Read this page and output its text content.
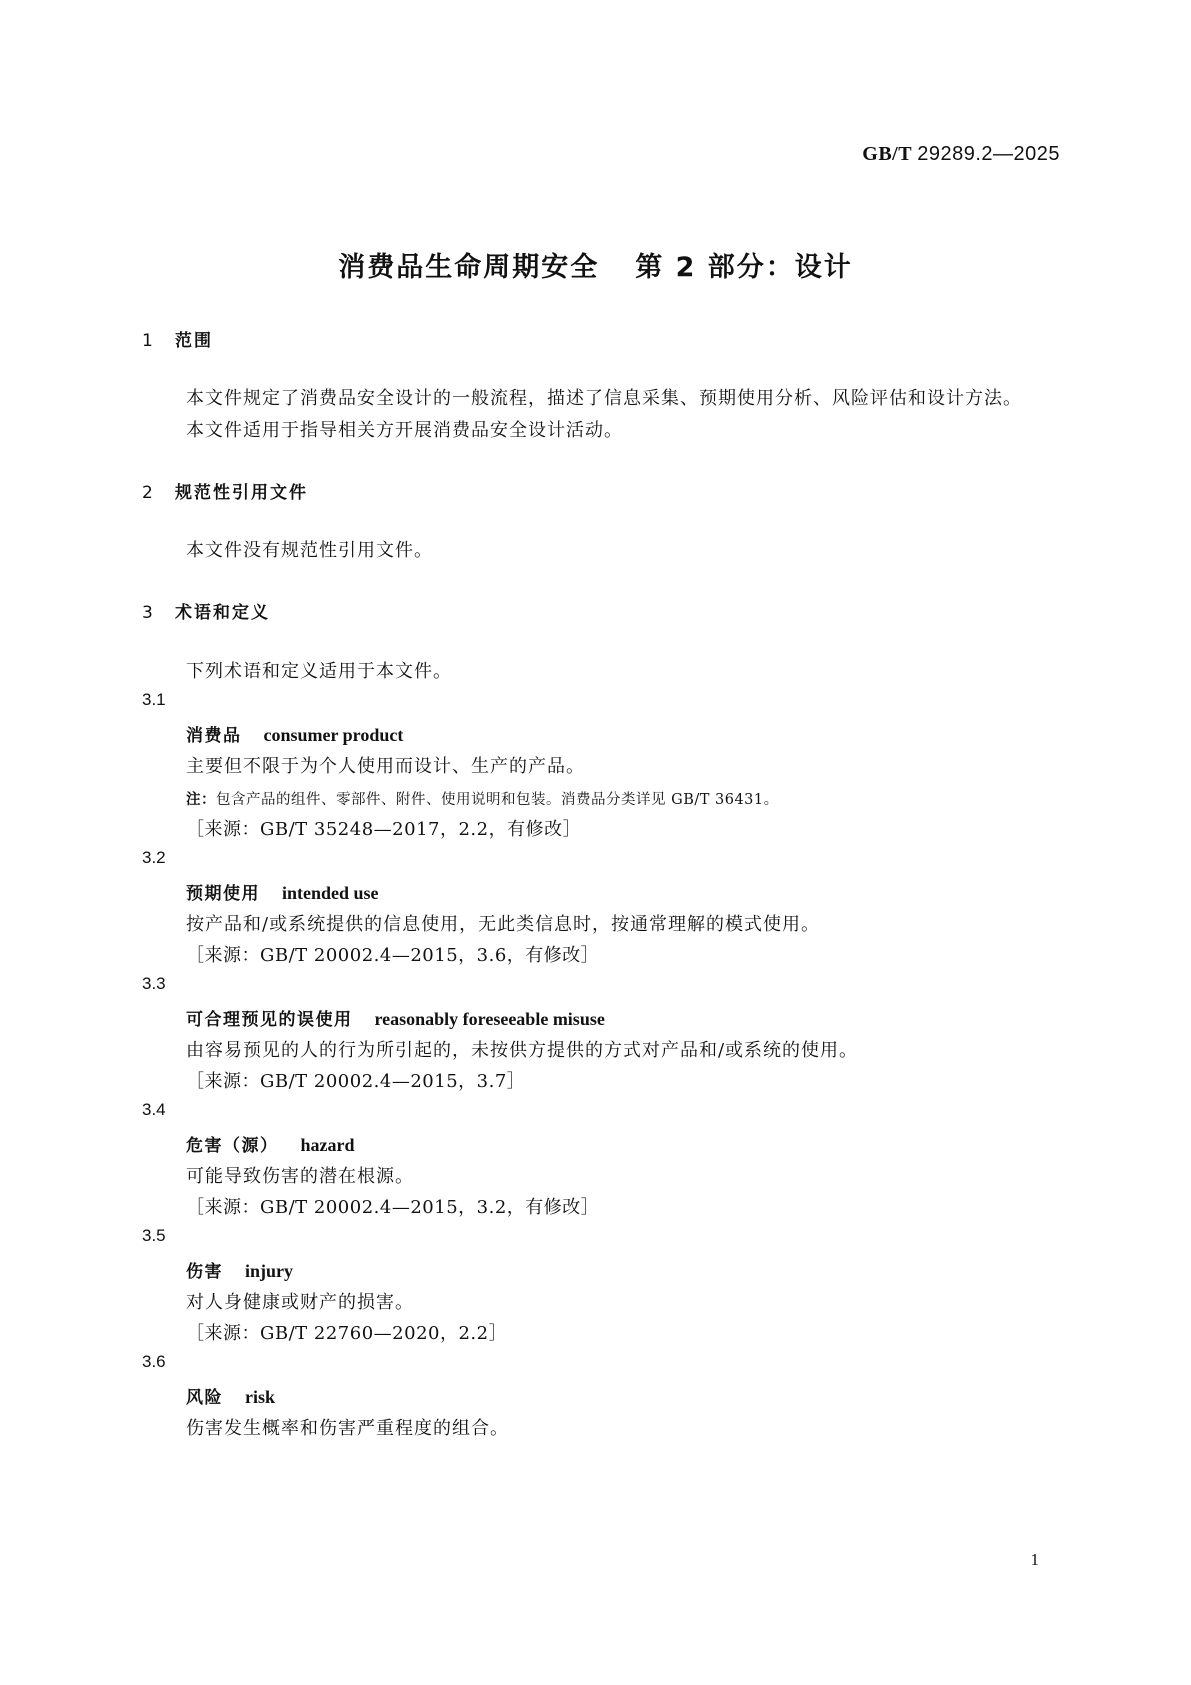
GB/T 29289.2—2025
消费品生命周期安全 第 2 部分：设计
1 范围
本文件规定了消费品安全设计的一般流程，描述了信息采集、预期使用分析、风险评估和设计方法。
本文件适用于指导相关方开展消费品安全设计活动。
2 规范性引用文件
本文件没有规范性引用文件。
3 术语和定义
下列术语和定义适用于本文件。
3.1
消费品 consumer product
主要但不限于为个人使用而设计、生产的产品。
注：包含产品的组件、零部件、附件、使用说明和包装。消费品分类详见 GB/T 36431。
［来源：GB/T 35248—2017，2.2，有修改］
3.2
预期使用 intended use
按产品和/或系统提供的信息使用，无此类信息时，按通常理解的模式使用。
［来源：GB/T 20002.4—2015，3.6，有修改］
3.3
可合理预见的误使用 reasonably foreseeable misuse
由容易预见的人的行为所引起的，未按供方提供的方式对产品和/或系统的使用。
［来源：GB/T 20002.4—2015，3.7］
3.4
危害（源） hazard
可能导致伤害的潜在根源。
［来源：GB/T 20002.4—2015，3.2，有修改］
3.5
伤害 injury
对人身健康或财产的损害。
［来源：GB/T 22760—2020，2.2］
3.6
风险 risk
伤害发生概率和伤害严重程度的组合。
1
